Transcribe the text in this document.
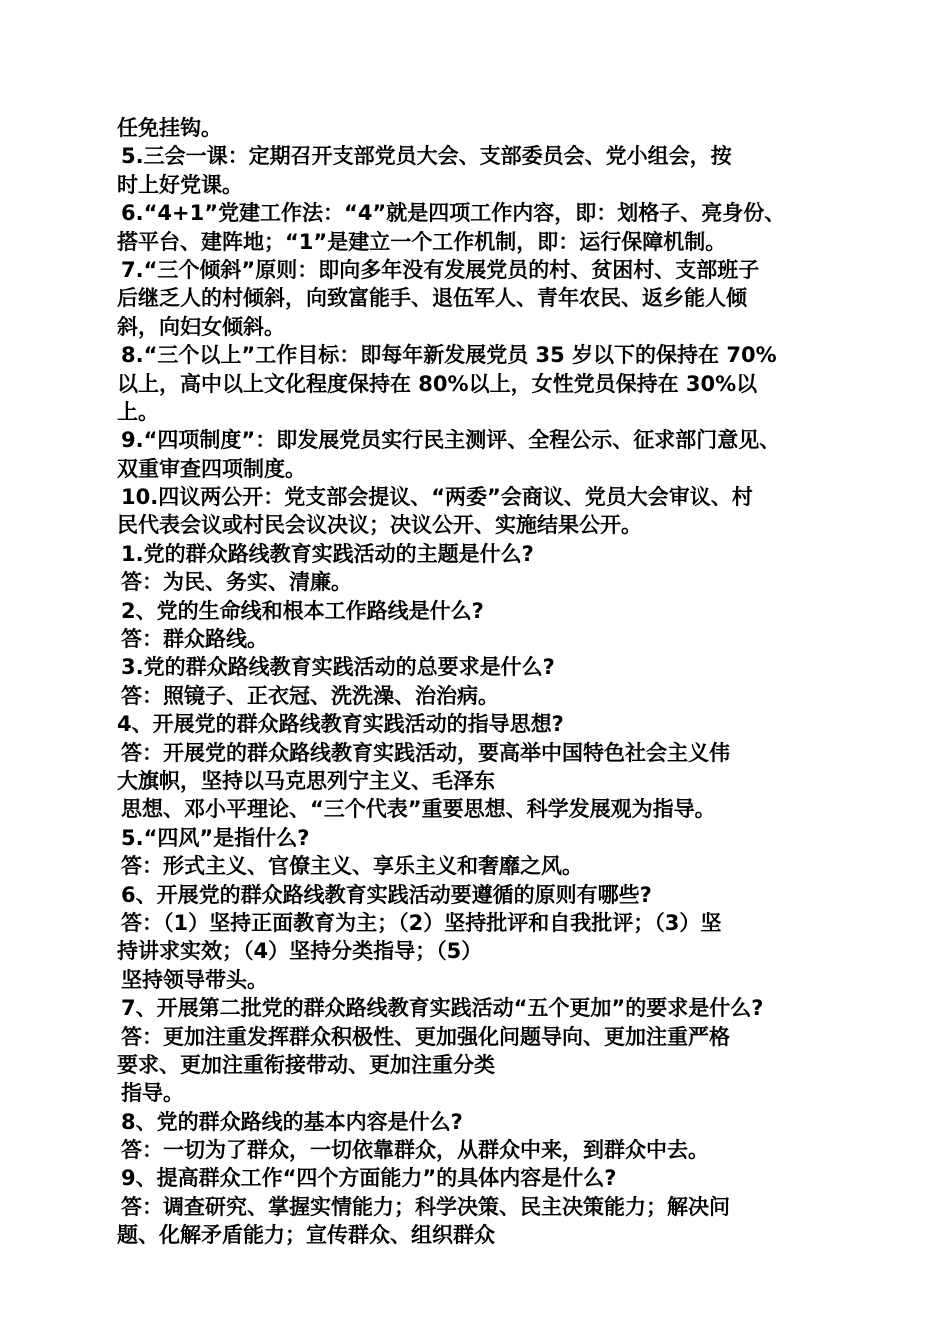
任免挂钩。
5.三会一课：定期召开支部党员大会、支部委员会、党小组会，按
时上好党课。
6.“4+1”党建工作法：“4”就是四项工作内容，即：划格子、亮身份、
搭平台、建阵地；“1”是建立一个工作机制，即：运行保障机制。
7.“三个倾斜”原则：即向多年没有发展党员的村、贫困村、支部班子
后继乏人的村倾斜，向致富能手、退伍军人、青年农民、返乡能人倾
斜，向妇女倾斜。
8.“三个以上”工作目标：即每年新发展党员 35 岁以下的保持在 70%
以上，高中以上文化程度保持在 80%以上，女性党员保持在 30%以
上。
9.“四项制度”：即发展党员实行民主测评、全程公示、征求部门意见、
双重审查四项制度。
10.四议两公开：党支部会提议、“两委”会商议、党员大会审议、村
民代表会议或村民会议决议；决议公开、实施结果公开。
1.党的群众路线教育实践活动的主题是什么?
答：为民、务实、清廉。
2、党的生命线和根本工作路线是什么?
答：群众路线。
3.党的群众路线教育实践活动的总要求是什么?
答：照镜子、正衣冠、洗洗澡、治治病。
4、开展党的群众路线教育实践活动的指导思想?
答：开展党的群众路线教育实践活动，要高举中国特色社会主义伟
大旗帜，坚持以马克思列宁主义、毛泽东
思想、邓小平理论、“三个代表”重要思想、科学发展观为指导。
5.“四风”是指什么?
答：形式主义、官僚主义、享乐主义和奢靡之风。
6、开展党的群众路线教育实践活动要遵循的原则有哪些?
答：（1）坚持正面教育为主；（2）坚持批评和自我批评；（3）坚
持讲求实效；（4）坚持分类指导；（5）
坚持领导带头。
7、开展第二批党的群众路线教育实践活动“五个更加”的要求是什么?
答：更加注重发挥群众积极性、更加强化问题导向、更加注重严格
要求、更加注重衔接带动、更加注重分类
指导。
8、党的群众路线的基本内容是什么?
答：一切为了群众，一切依靠群众，从群众中来，到群众中去。
9、提高群众工作“四个方面能力”的具体内容是什么?
答：调查研究、掌握实情能力；科学决策、民主决策能力；解决问
题、化解矛盾能力；宣传群众、组织群众
